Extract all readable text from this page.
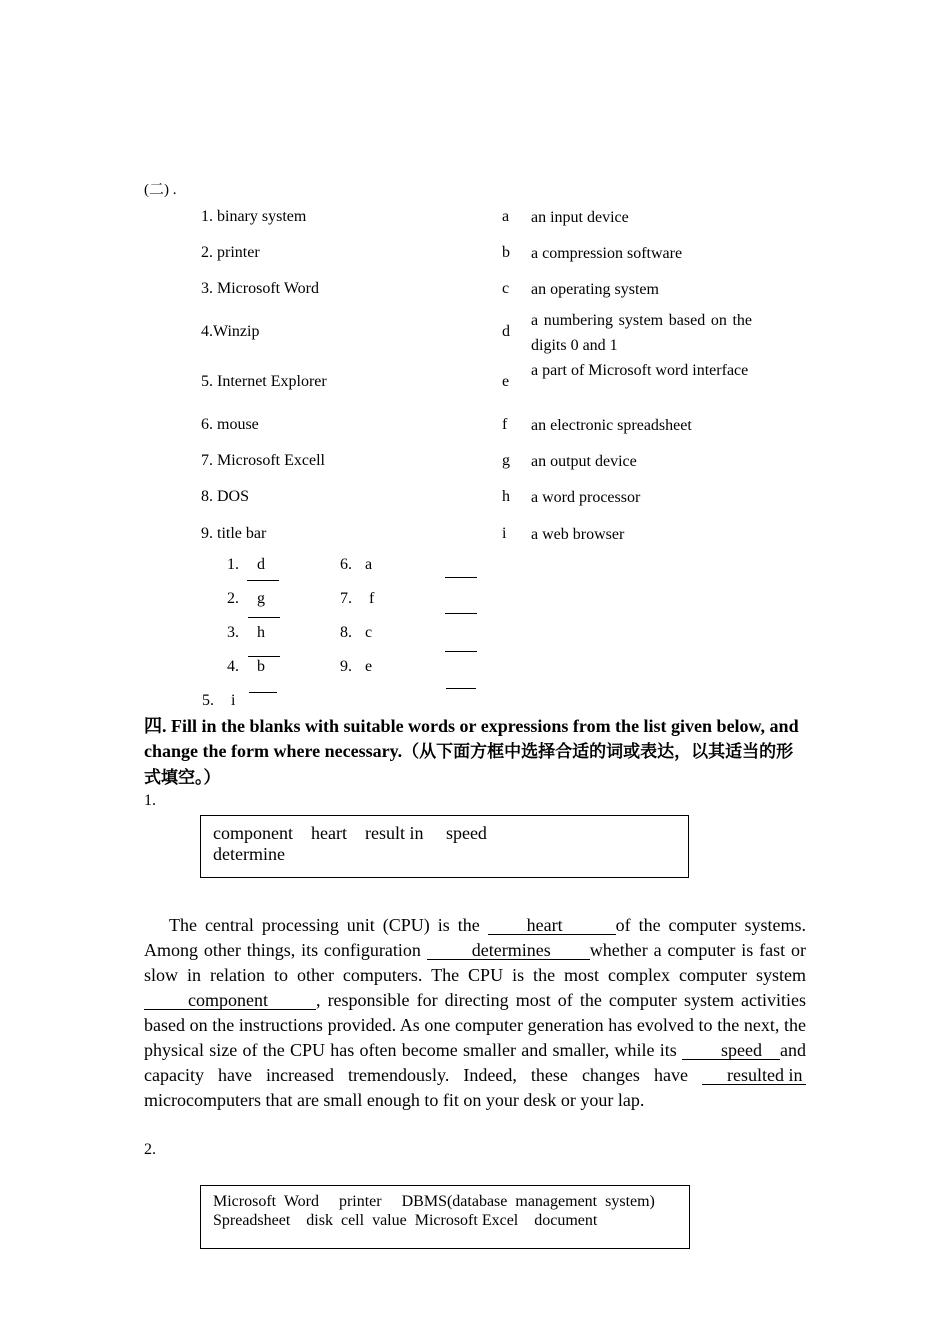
(二) .
1. binary system	a an input device
2. printer	b a compression software
3. Microsoft Word	c an operating system
4.Winzip	d
a numbering system based on the digits 0 and 1
5. Internet Explorer	e
a part of Microsoft word interface
6. mouse	f an electronic spreadsheet
7. Microsoft Excell	g an output device
8. DOS	h a word processor
9. title bar	i a web browser
1. d
2. g
3. h
4. b
5. i
6. a
7. f
8. c
9. e
四. Fill in the blanks with suitable words or expressions from the list given below, and change the form where necessary.（从下面方框中选择合适的词或表达，以其适当的形式填空。）
1.
component    heart    result in     speed
determine
The central processing unit (CPU) is the heart	of the computer systems. Among other things, its configuration	determines whether a computer is fast or slow in relation to other computers. The CPU is the most complex computer systemcomponent	, responsible for directing most of the computer system activities based on the instructions provided. As one computer generation has evolved to the next, the physical size of the CPU has often become smaller and smaller, while its speed and capacity have increased tremendously. Indeed, these changes have resulted inmicrocomputers that are small enough to fit on your desk or your lap.
2.
Microsoft  Word     printer     DBMS(database  management  system)
Spreadsheet    disk  cell  value  Microsoft Excel    document
